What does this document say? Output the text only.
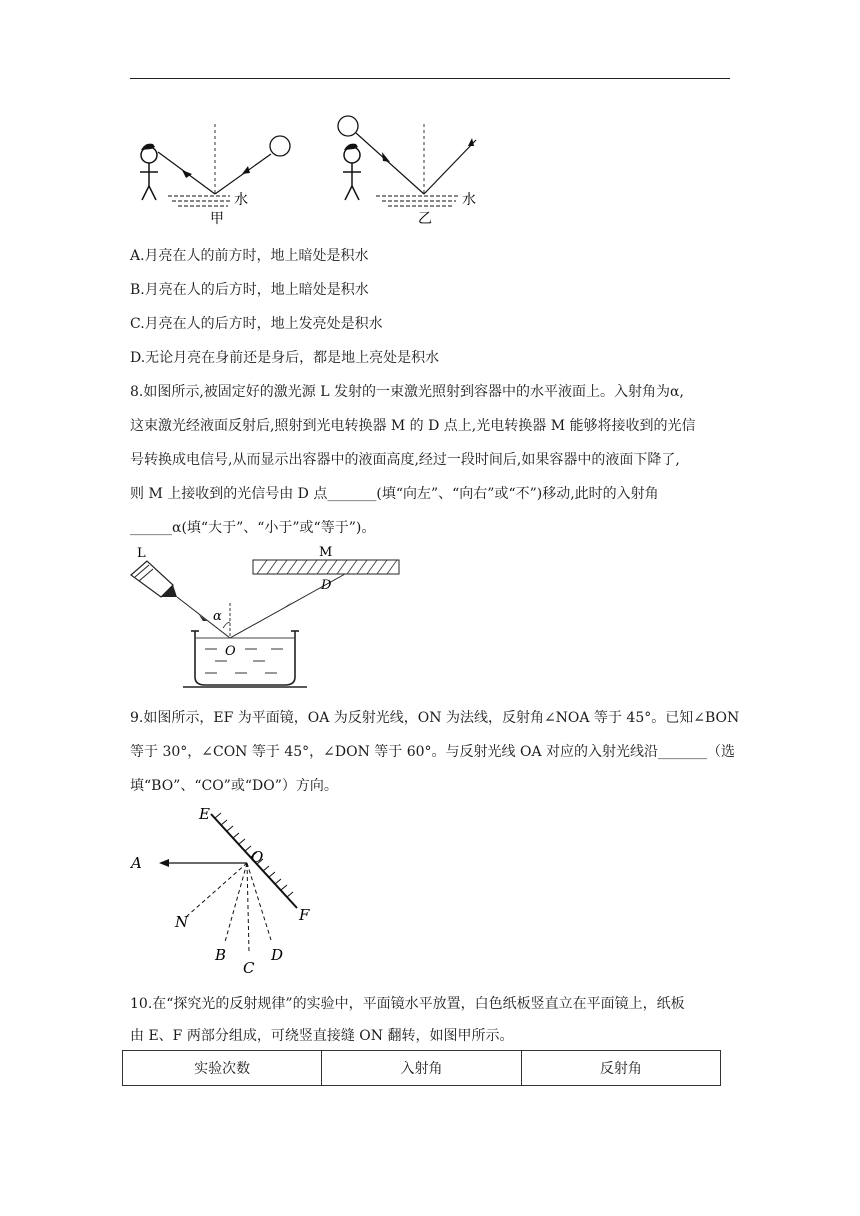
水
甲
水
乙
A.月亮在人的前方时，地上暗处是积水
B.月亮在人的后方时，地上暗处是积水
C.月亮在人的后方时，地上发亮处是积水
D.无论月亮在身前还是身后，都是地上亮处是积水
8.如图所示,被固定好的激光源 L 发射的一束激光照射到容器中的水平液面上。入射角为α,
这束激光经液面反射后,照射到光电转换器 M 的 D 点上,光电转换器 M 能够将接收到的光信
号转换成电信号,从而显示出容器中的液面高度,经过一段时间后,如果容器中的液面下降了,
则 M 上接收到的光信号由 D 点_______(填“向左”、“向右”或“不”)移动,此时的入射角
______α(填“大于”、“小于”或“等于”)。
M
L
α
D
O
9.如图所示，EF 为平面镜，OA 为反射光线，ON 为法线，反射角∠NOA 等于 45°。已知∠BON
等于 30°，∠CON 等于 45°，∠DON 等于 60°。与反射光线 OA 对应的入射光线沿_______（选
填“BO”、“CO”或“DO”）方向。
E
F
A	O
N
B
C
D
10.在“探究光的反射规律”的实验中，平面镜水平放置，白色纸板竖直立在平面镜上，纸板
由 E、F 两部分组成，可绕竖直接缝 ON 翻转，如图甲所示。
实验次数	入射角	反射角
